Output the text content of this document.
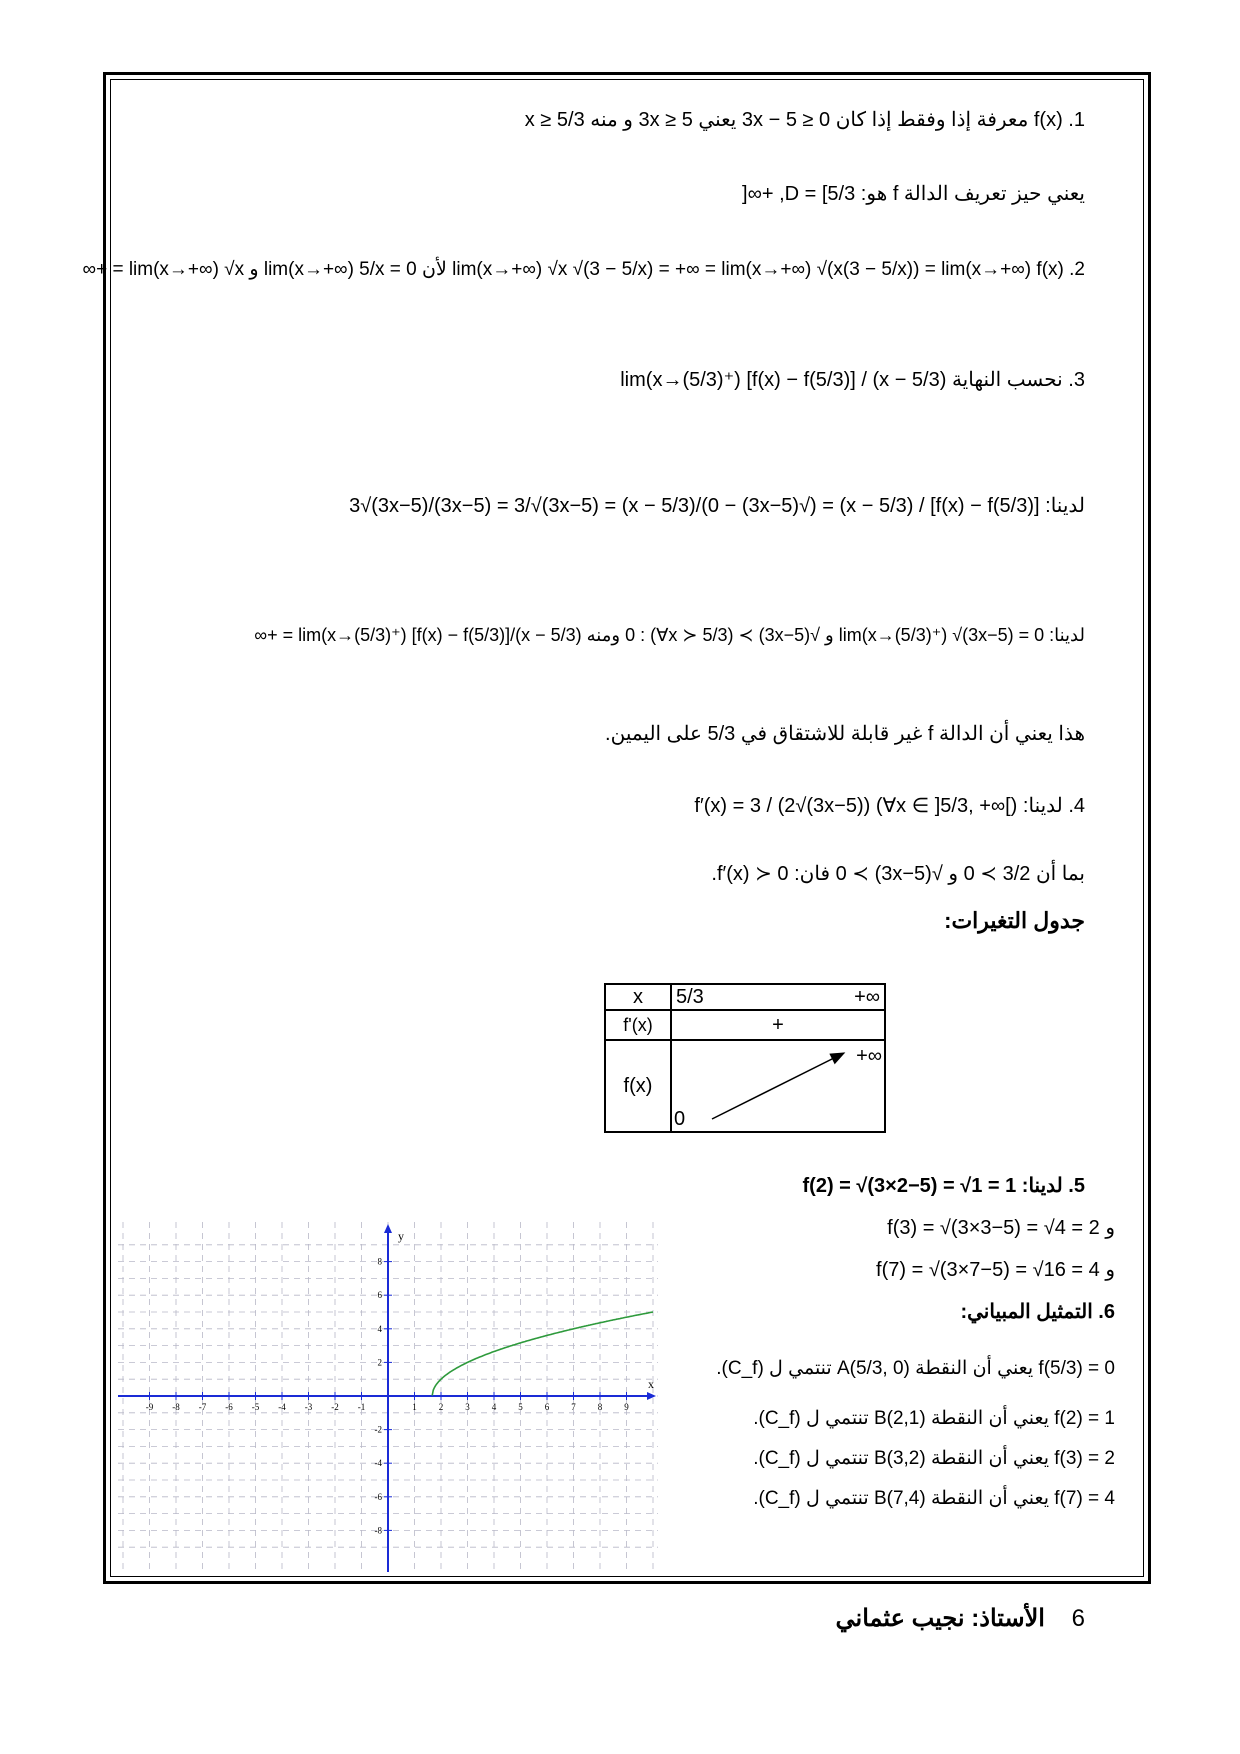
1. f(x) معرفة إذا وفقط إذا كان 3x − 5 ≥ 0 يعني 3x ≥ 5 و منه x ≥ 5/3
يعني حيز تعريف الدالة f هو: D = [5/3, +∞[
2. lim(x→+∞) √x √(3 − 5/x) = +∞ = lim(x→+∞) √(x(3 − 5/x)) = lim(x→+∞) f(x) لأن lim(x→+∞) 5/x = 0 و lim(x→+∞) √x = +∞
3. نحسب النهاية lim(x→(5/3)⁺) [f(x) − f(5/3)] / (x − 5/3)
لدينا: [f(x) − f(5/3)] / (x − 5/3) = (√(3x−5) − 0)/(x − 5/3) = 3√(3x−5)/(3x−5) = 3/√(3x−5)
لدينا: lim(x→(5/3)⁺) √(3x−5) = 0 و √(3x−5) ≻ 0 : (∀x ≻ 5/3) ومنه lim(x→(5/3)⁺) [f(x) − f(5/3)]/(x − 5/3) = +∞
هذا يعني أن الدالة f غير قابلة للاشتقاق في 5/3 على اليمين.
4. لدينا: f′(x) = 3 / (2√(3x−5)) (∀x ∈ ]5/3, +∞[)
بما أن 3/2 ≻ 0 و √(3x−5) ≻ 0 فان: f′(x) ≻ 0.
جدول التغيرات:
x	5/3 +∞

f'(x)	+
f(x)	+∞
0
5. لدينا: f(2) = √(3×2−5) = √1 = 1
و f(3) = √(3×3−5) = √4 = 2
و f(7) = √(3×7−5) = √16 = 4
6. التمثيل المبياني:
f(5/3) = 0 يعني أن النقطة A(5/3, 0) تنتمي ل (C_f).
f(2) = 1 يعني أن النقطة B(2,1) تنتمي ل (C_f).
f(3) = 2 يعني أن النقطة B(3,2) تنتمي ل (C_f).
f(7) = 4 يعني أن النقطة B(7,4) تنتمي ل (C_f).
-9 -8 -7 -6 -5 -4 -3 -2 -1	1 2 3 4 5 6 7 8 9
-8
-6
-4
-2
2
4
6
8
x
y
6    الأستاذ: نجيب عثماني
